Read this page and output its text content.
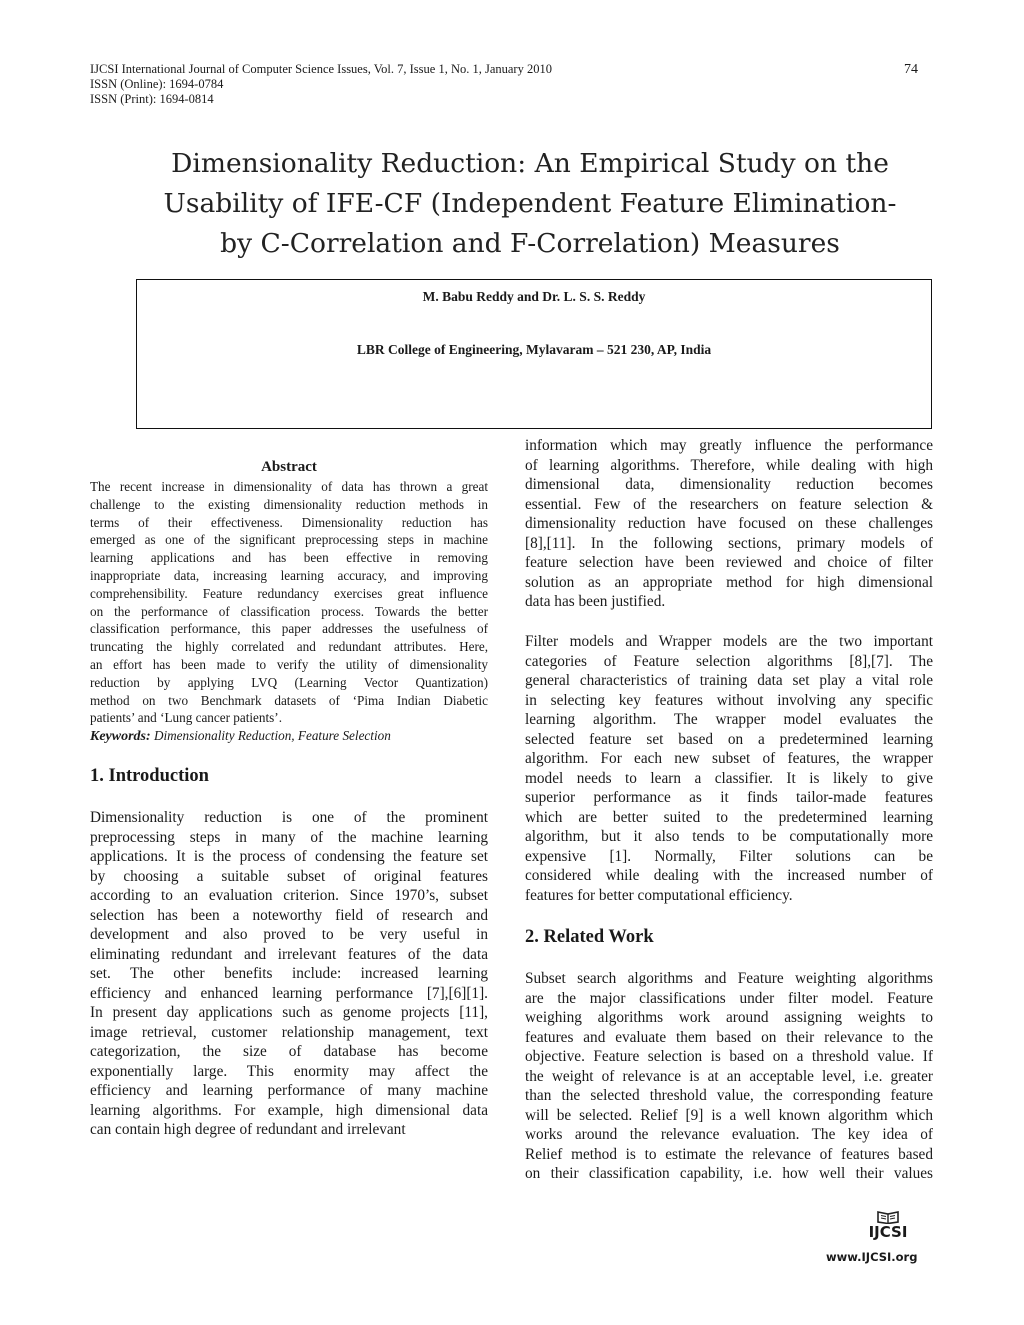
IJCSI International Journal of Computer Science Issues, Vol. 7, Issue 1, No. 1, January 2010
ISSN (Online): 1694-0784
ISSN (Print): 1694-0814
74
Dimensionality Reduction: An Empirical Study on the
Usability of IFE-CF (Independent Feature Elimination-
by C-Correlation and F-Correlation) Measures
M. Babu Reddy and Dr. L. S. S. Reddy
LBR College of Engineering, Mylavaram – 521 230, AP, India
Abstract
The recent increase in dimensionality of data has thrown a great
challenge to the existing dimensionality reduction methods in
terms of their effectiveness. Dimensionality reduction has
emerged as one of the significant preprocessing steps in machine
learning applications and has been effective in removing
inappropriate data, increasing learning accuracy, and improving
comprehensibility. Feature redundancy exercises great influence
on the performance of classification process. Towards the better
classification performance, this paper addresses the usefulness of
truncating the highly correlated and redundant attributes. Here,
an effort has been made to verify the utility of dimensionality
reduction by applying LVQ (Learning Vector Quantization)
method on two Benchmark datasets of ‘Pima Indian Diabetic
patients’ and ‘Lung cancer patients’.
Keywords: Dimensionality Reduction, Feature Selection
1. Introduction
Dimensionality reduction is one of the prominent
preprocessing steps in many of the machine learning
applications. It is the process of condensing the feature set
by choosing a suitable subset of original features
according to an evaluation criterion. Since 1970’s, subset
selection has been a noteworthy field of research and
development and also proved to be very useful in
eliminating redundant and irrelevant features of the data
set. The other benefits include: increased learning
efficiency and enhanced learning performance [7],[6][1].
In present day applications such as genome projects [11],
image retrieval, customer relationship management, text
categorization, the size of database has become
exponentially large. This enormity may affect the
efficiency and learning performance of many machine
learning algorithms. For example, high dimensional data
can contain high degree of redundant and irrelevant
information which may greatly influence the performance
of learning algorithms. Therefore, while dealing with high
dimensional data, dimensionality reduction becomes
essential. Few of the researchers on feature selection &
dimensionality reduction have focused on these challenges
[8],[11]. In the following sections, primary models of
feature selection have been reviewed and choice of filter
solution as an appropriate method for high dimensional
data has been justified.
Filter models and Wrapper models are the two important
categories of Feature selection algorithms [8],[7]. The
general characteristics of training data set play a vital role
in selecting key features without involving any specific
learning algorithm. The wrapper model evaluates the
selected feature set based on a predetermined learning
algorithm. For each new subset of features, the wrapper
model needs to learn a classifier. It is likely to give
superior performance as it finds tailor-made features
which are better suited to the predetermined learning
algorithm, but it also tends to be computationally more
expensive [1]. Normally, Filter solutions can be
considered while dealing with the increased number of
features for better computational efficiency.
2. Related Work
Subset search algorithms and Feature weighting algorithms
are the major classifications under filter model. Feature
weighing algorithms work around assigning weights to
features and evaluate them based on their relevance to the
objective. Feature selection is based on a threshold value. If
the weight of relevance is at an acceptable level, i.e. greater
than the selected threshold value, the corresponding feature
will be selected. Relief [9] is a well known algorithm which
works around the relevance evaluation. The key idea of
Relief method is to estimate the relevance of features based
on their classification capability, i.e. how well their values
IJCSI
www.IJCSI.org
